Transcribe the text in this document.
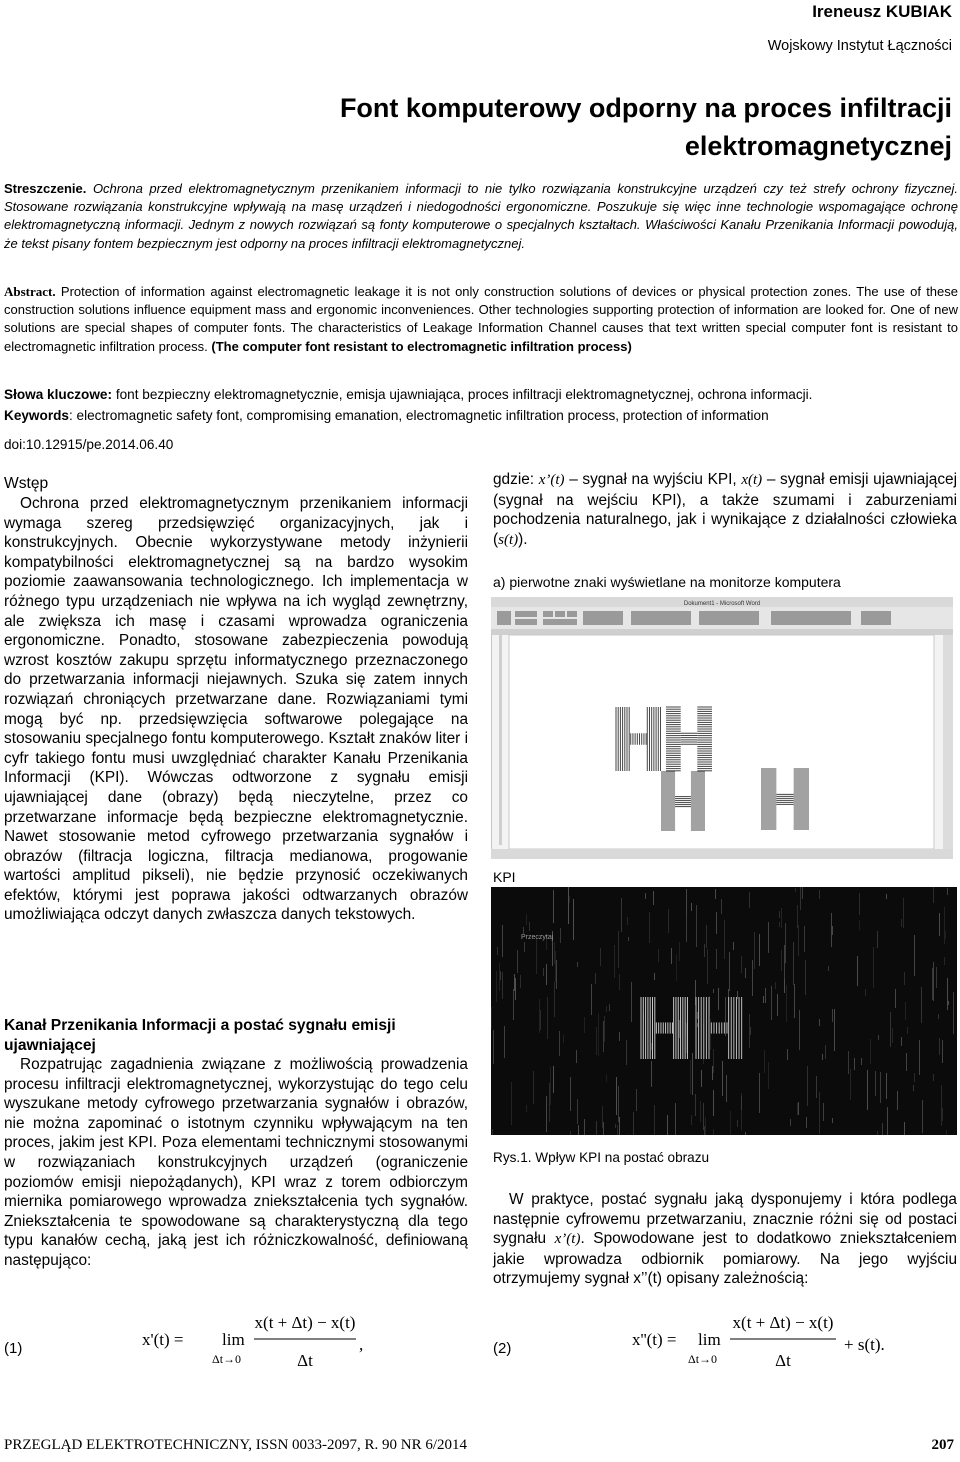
Ireneusz KUBIAK
Wojskowy Instytut Łączności
Font komputerowy odporny na proces infiltracji
elektromagnetycznej

Streszczenie. Ochrona przed elektromagnetycznym przenikaniem informacji to nie tylko rozwiązania konstrukcyjne urządzeń czy też strefy ochrony fizycznej. Stosowane rozwiązania konstrukcyjne wpływają na masę urządzeń i niedogodności ergonomiczne. Poszukuje się więc inne technologie wspomagające ochronę elektromagnetyczną informacji. Jednym z nowych rozwiązań są fonty komputerowe o specjalnych kształtach. Właściwości Kanału Przenikania Informacji powodują, że tekst pisany fontem bezpiecznym jest odporny na proces infiltracji elektromagnetycznej.

Abstract. Protection of information against electromagnetic leakage it is not only construction solutions of devices or physical protection zones. The use of these construction solutions influence equipment mass and ergonomic inconveniences. Other technologies supporting protection of information are looked for. One of new solutions are special shapes of computer fonts. The characteristics of Leakage Information Channel causes that text written special computer font is resistant to electromagnetic infiltration process. (The computer font resistant to electromagnetic infiltration process)

Słowa kluczowe: font bezpieczny elektromagnetycznie, emisja ujawniająca, proces infiltracji elektromagnetycznej, ochrona informacji.
Keywords: electromagnetic safety font, compromising emanation, electromagnetic infiltration process, protection of information
doi:10.12915/pe.2014.06.40
Wstęp

Ochrona przed elektromagnetycznym przenikaniem informacji wymaga szereg przedsięwzięć organizacyjnych, jak i konstrukcyjnych. Obecnie wykorzystywane metody inżynierii kompatybilności elektromagnetycznej są na bardzo wysokim poziomie zaawansowania technologicznego. Ich implementacja w różnego typu urządzeniach nie wpływa na ich wygląd zewnętrzny, ale zwiększa ich masę i czasami wprowadza ograniczenia ergonomiczne. Ponadto, stosowane zabezpieczenia powodują wzrost kosztów zakupu sprzętu informatycznego przeznaczonego do przetwarzania informacji niejawnych. Szuka się zatem innych rozwiązań chroniących przetwarzane dane. Rozwiązaniami tymi mogą być np. przedsięwzięcia softwarowe polegające na stosowaniu specjalnego fontu komputerowego. Kształt znaków liter i cyfr takiego fontu musi uwzględniać charakter Kanału Przenikania Informacji (KPI). Wówczas odtworzone z sygnału emisji ujawniającej dane (obrazy) będą nieczytelne, przez co przetwarzane informacje będą bezpieczne elektromagnetycznie. Nawet stosowanie metod cyfrowego przetwarzania sygnałów i obrazów (filtracja logiczna, filtracja medianowa, progowanie wartości amplitud pikseli), nie będzie przynosić oczekiwanych efektów, którymi jest poprawa jakości odtwarzanych obrazów umożliwiająca odczyt danych zwłaszcza danych tekstowych.

Kanał Przenikania Informacji a postać sygnału emisji ujawniającej

Rozpatrując zagadnienia związane z możliwością prowadzenia procesu infiltracji elektromagnetycznej, wykorzystując do tego celu wyszukane metody cyfrowego przetwarzania sygnałów i obrazów, nie można zapominać o istotnym czynniku wpływającym na ten proces, jakim jest KPI. Poza elementami technicznymi stosowanymi w rozwiązaniach konstrukcyjnych urządzeń (ograniczenie poziomów emisji niepożądanych), KPI wraz z torem odbiorczym miernika pomiarowego wprowadza zniekształcenia tych sygnałów. Zniekształcenia te spowodowane są charakterystyczną dla tego typu kanałów cechą, jaką jest ich różniczkowalność, definiowaną następująco:

(1)	x'(t) = lim
Δt→0
x(t + Δt) − x(t)
Δt
,

gdzie: x’(t) – sygnał na wyjściu KPI, x(t) – sygnał emisji ujawniającej (sygnał na wejściu KPI), a także szumami i zaburzeniami pochodzenia naturalnego, jak i wynikające z działalności człowieka (s(t)).

a) pierwotne znaki wyświetlane na monitorze komputera
Dokument1 - Microsoft Word
KPI
Przeczytaj
Rys.1. Wpływ KPI na postać obrazu

W praktyce, postać sygnału jaką dysponujemy i która podlega następnie cyfrowemu przetwarzaniu, znacznie różni się od postaci sygnału x’(t). Spowodowane jest to dodatkowo zniekształceniem jakie wprowadza odbiornik pomiarowy. Na jego wyjściu otrzymujemy sygnał x’’(t) opisany zależnością:

(2)	x''(t) = lim
Δt→0
x(t + Δt) − x(t)
Δt
+ s(t).
PRZEGLĄD ELEKTROTECHNICZNY, ISSN 0033-2097, R. 90 NR 6/2014	207
